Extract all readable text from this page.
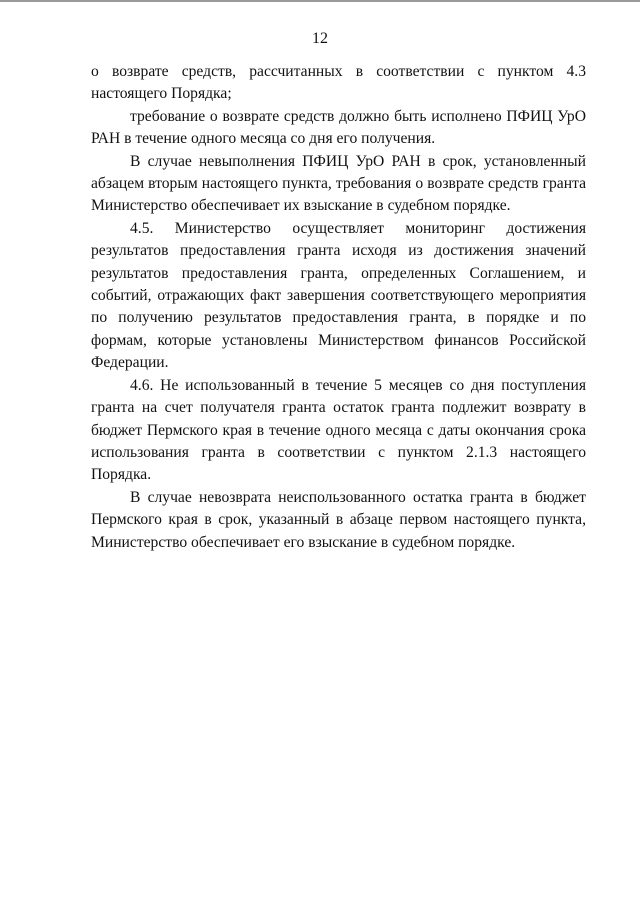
12

о возврате средств, рассчитанных в соответствии с пунктом 4.3 настоящего Порядка;

требование о возврате средств должно быть исполнено ПФИЦ УрО РАН в течение одного месяца со дня его получения.

В случае невыполнения ПФИЦ УрО РАН в срок, установленный абзацем вторым настоящего пункта, требования о возврате средств гранта Министерство обеспечивает их взыскание в судебном порядке.

4.5. Министерство осуществляет мониторинг достижения результатов предоставления гранта исходя из достижения значений результатов предоставления гранта, определенных Соглашением, и событий, отражающих факт завершения соответствующего мероприятия по получению результатов предоставления гранта, в порядке и по формам, которые установлены Министерством финансов Российской Федерации.

4.6. Не использованный в течение 5 месяцев со дня поступления гранта на счет получателя гранта остаток гранта подлежит возврату в бюджет Пермского края в течение одного месяца с даты окончания срока использования гранта в соответствии с пунктом 2.1.3 настоящего Порядка.

В случае невозврата неиспользованного остатка гранта в бюджет Пермского края в срок, указанный в абзаце первом настоящего пункта, Министерство обеспечивает его взыскание в судебном порядке.
